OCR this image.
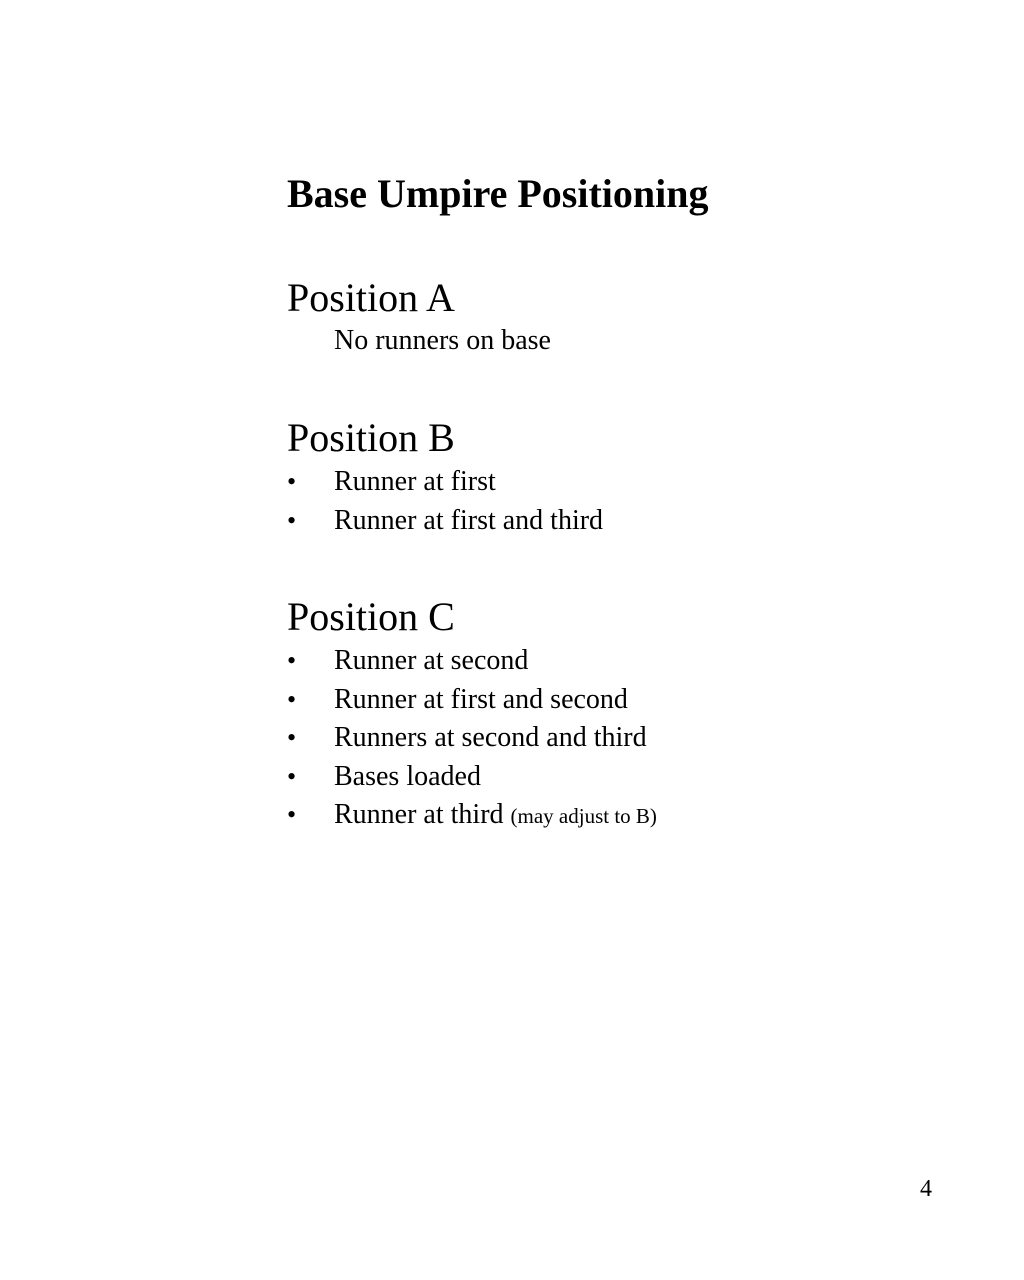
Base Umpire Positioning
Position A

No runners on base

Position B
• Runner at first
• Runner at first and third
Position C
• Runner at second
• Runner at first and second
• Runners at second and third
• Bases loaded
• Runner at third (may adjust to B)
4
